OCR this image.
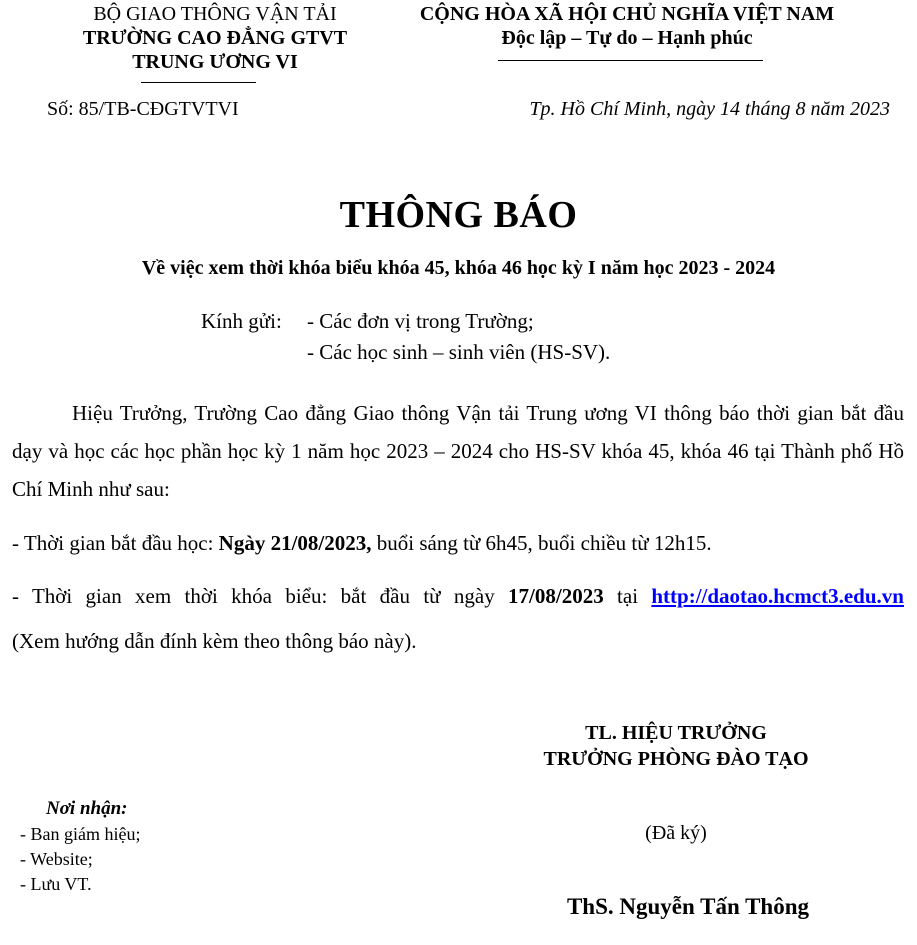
BỘ GIAO THÔNG VẬN TẢI
TRƯỜNG CAO ĐẲNG GTVT
TRUNG ƯƠNG VI
CỘNG HÒA XÃ HỘI CHỦ NGHĨA VIỆT NAM
Độc lập – Tự do – Hạnh phúc
Số: 85/TB-CĐGTVTVI	Tp. Hồ Chí Minh, ngày 14 tháng 8 năm 2023
THÔNG BÁO
Về việc xem thời khóa biểu khóa 45, khóa 46 học kỳ I năm học 2023 - 2024
Kính gửi:	- Các đơn vị trong Trường;
- Các học sinh – sinh viên (HS-SV).
Hiệu Trưởng, Trường Cao đẳng Giao thông Vận tải Trung ương VI thông báo thời gian bắt đầu dạy và học các học phần học kỳ 1 năm học 2023 – 2024 cho HS-SV khóa 45, khóa 46 tại Thành phố Hồ Chí Minh như sau:
- Thời gian bắt đầu học: Ngày 21/08/2023, buổi sáng từ 6h45, buổi chiều từ 12h15.
- Thời gian xem thời khóa biểu: bắt đầu từ ngày 17/08/2023 tại http://daotao.hcmct3.edu.vn
(Xem hướng dẫn đính kèm theo thông báo này).
TL. HIỆU TRƯỞNG
TRƯỞNG PHÒNG ĐÀO TẠO
(Đã ký)
ThS. Nguyễn Tấn Thông
Nơi nhận:
- Ban giám hiệu;
- Website;
- Lưu VT.
